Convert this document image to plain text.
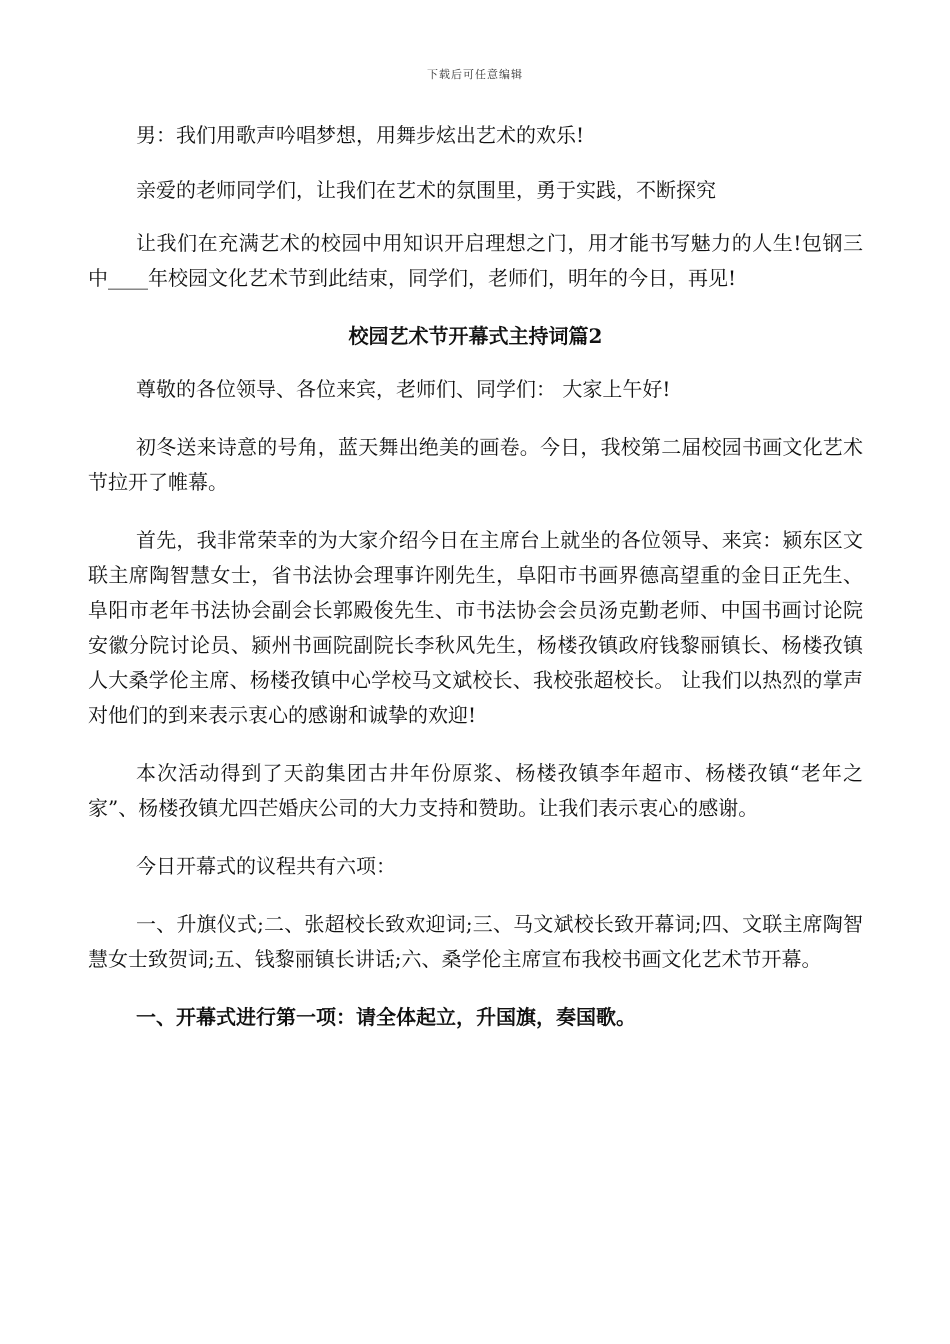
下载后可任意编辑

男：我们用歌声吟唱梦想，用舞步炫出艺术的欢乐!

亲爱的老师同学们，让我们在艺术的氛围里，勇于实践，不断探究

让我们在充满艺术的校园中用知识开启理想之门，用才能书写魅力的人生!包钢三中____年校园文化艺术节到此结束，同学们，老师们，明年的今日，再见!

校园艺术节开幕式主持词篇2

尊敬的各位领导、各位来宾，老师们、同学们： 大家上午好!

初冬送来诗意的号角，蓝天舞出绝美的画卷。今日，我校第二届校园书画文化艺术节拉开了帷幕。

首先，我非常荣幸的为大家介绍今日在主席台上就坐的各位领导、来宾：颍东区文联主席陶智慧女士，省书法协会理事许刚先生，阜阳市书画界德高望重的金日正先生、阜阳市老年书法协会副会长郭殿俊先生、市书法协会会员汤克勤老师、中国书画讨论院安徽分院讨论员、颍州书画院副院长李秋风先生，杨楼孜镇政府钱黎丽镇长、杨楼孜镇人大桑学伦主席、杨楼孜镇中心学校马文斌校长、我校张超校长。 让我们以热烈的掌声对他们的到来表示衷心的感谢和诚挚的欢迎!

本次活动得到了天韵集团古井年份原浆、杨楼孜镇李年超市、杨楼孜镇“老年之家”、杨楼孜镇尤四芒婚庆公司的大力支持和赞助。让我们表示衷心的感谢。

今日开幕式的议程共有六项：

一、升旗仪式;二、张超校长致欢迎词;三、马文斌校长致开幕词;四、文联主席陶智慧女士致贺词;五、钱黎丽镇长讲话;六、桑学伦主席宣布我校书画文化艺术节开幕。

一、开幕式进行第一项：请全体起立，升国旗，奏国歌。
